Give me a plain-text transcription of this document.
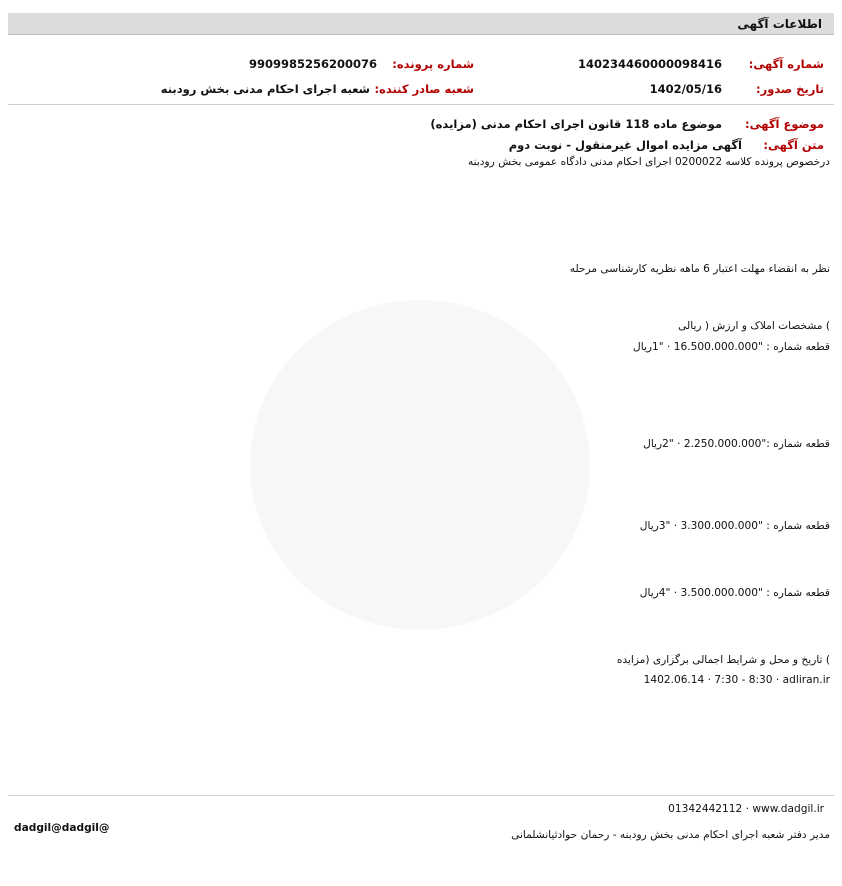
اطلاعات آگهی
شماره آگهی:
140234460000098416
شماره پرونده:
9909985256200076
تاریخ صدور:
1402/05/16
شعبه صادر کننده:
شعبه اجرای احکام مدنی بخش رودبنه
موضوع آگهی:
موضوع ماده 118 قانون اجرای احکام مدنی (مزایده)
متن آگهی:
آگهی مزایده اموال غیرمنقول - نوبت دوم

درخصوص پرونده کلاسه 0200022 اجرای احکام مدنی دادگاه عمومی بخش رودبنه

نظر به انقضاء مهلت اعتبار 6 ماهه نظریه کارشناسی مرحله

) مشخصات املاک و ارزش ( ریالی

قطعه شماره : "1" · 16.500.000.000ریال

قطعه شماره :"2" · 2.250.000.000ریال

قطعه شماره : "3" · 3.300.000.000ریال

قطعه شماره : "4" · 3.500.000.000ریال

) تاریخ و محل و شرایط اجمالی برگزاری (مزایده

1402.06.14 · 7:30 - 8:30 · adliran.ir

مدیر دفتر شعبه اجرای احکام مدنی بخش رودبنه - رحمان حوادثیانشلمانی

01342442112 · www.dadgil.ir
dadgil@dadgil@
